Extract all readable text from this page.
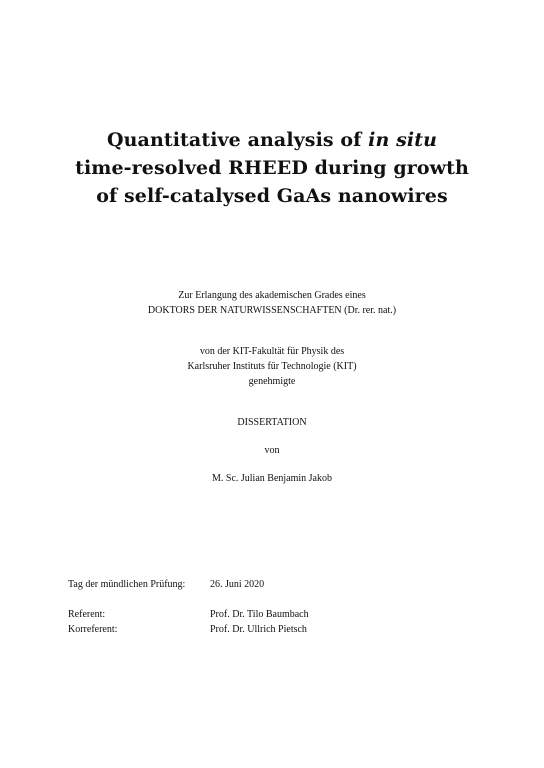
Quantitative analysis of in situ
time-resolved RHEED during growth
of self-catalysed GaAs nanowires
Zur Erlangung des akademischen Grades eines
DOKTORS DER NATURWISSENSCHAFTEN (Dr. rer. nat.)
von der KIT-Fakultät für Physik des
Karlsruher Instituts für Technologie (KIT)
genehmigte
DISSERTATION
von
M. Sc. Julian Benjamin Jakob
Tag der mündlichen Prüfung:	26. Juni 2020
Referent:	Prof. Dr. Tilo Baumbach
Korreferent:	Prof. Dr. Ullrich Pietsch
